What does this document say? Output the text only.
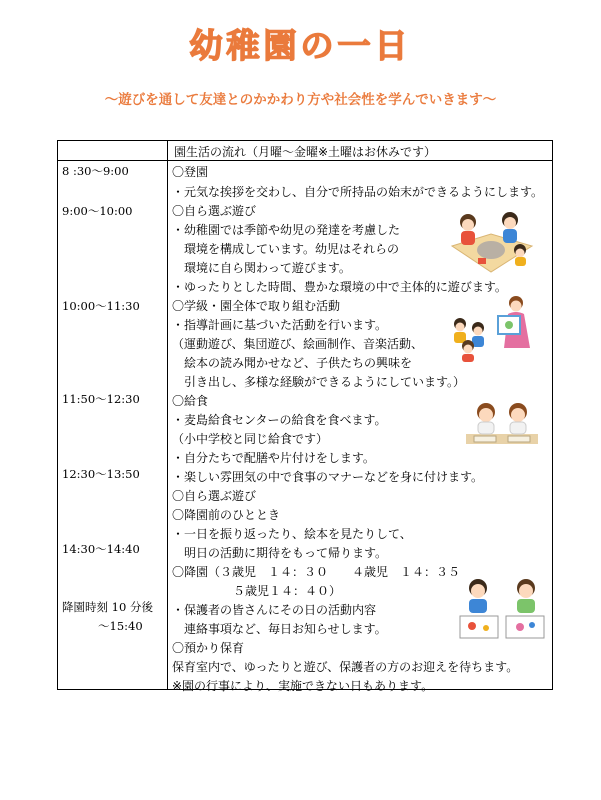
幼稚園の一日
～遊びを通して友達とのかかわり方や社会性を学んでいきます～
園生活の流れ（月曜～金曜※土曜はお休みです）
8 :30～9:00
9:00～10:00
10:00～11:30
11:50～12:30
12:30～13:50
14:30～14:40
降園時刻 10 分後
～15:40
〇登園
・元気な挨拶を交わし、自分で所持品の始末ができるようにします。
〇自ら選ぶ遊び
・幼稚園では季節や幼児の発達を考慮した
環境を構成しています。幼児はそれらの
環境に自ら関わって遊びます。
・ゆったりとした時間、豊かな環境の中で主体的に遊びます。
〇学級・園全体で取り組む活動
・指導計画に基づいた活動を行います。
（運動遊び、集団遊び、絵画制作、音楽活動、
絵本の読み聞かせなど、子供たちの興味を
引き出し、多様な経験ができるようにしています。）
〇給食
・麦島給食センターの給食を食べます。
（小中学校と同じ給食です）
・自分たちで配膳や片付けをします。
・楽しい雰囲気の中で食事のマナーなどを身に付けます。
〇自ら選ぶ遊び
〇降園前のひととき
・一日を振り返ったり、絵本を見たりして、
明日の活動に期待をもって帰ります。
〇降園（３歳児　１４：３０　　４歳児　１４：３５
５歳児１４：４０）
・保護者の皆さんにその日の活動内容
連絡事項など、毎日お知らせします。
〇預かり保育
保育室内で、ゆったりと遊び、保護者の方のお迎えを待ちます。
※園の行事により、実施できない日もあります。
